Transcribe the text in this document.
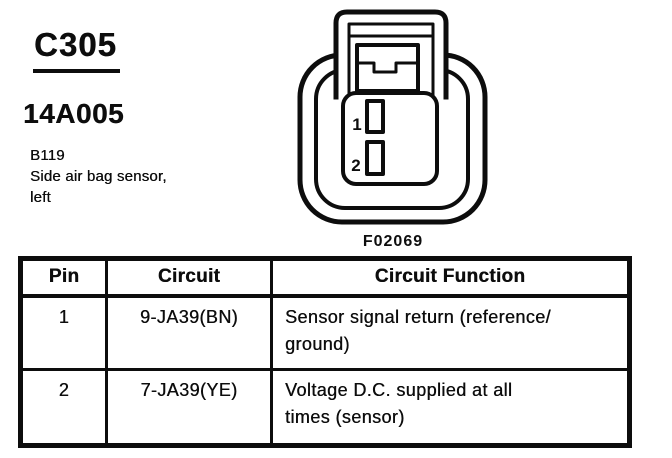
C305
14A005
B119
Side air bag sensor,
left
1
2
F02069
Pin	Circuit	Circuit Function
1	9-JA39(BN)	Sensor signal return (reference/
ground)

2	7-JA39(YE)	Voltage D.C. supplied at all
times (sensor)
